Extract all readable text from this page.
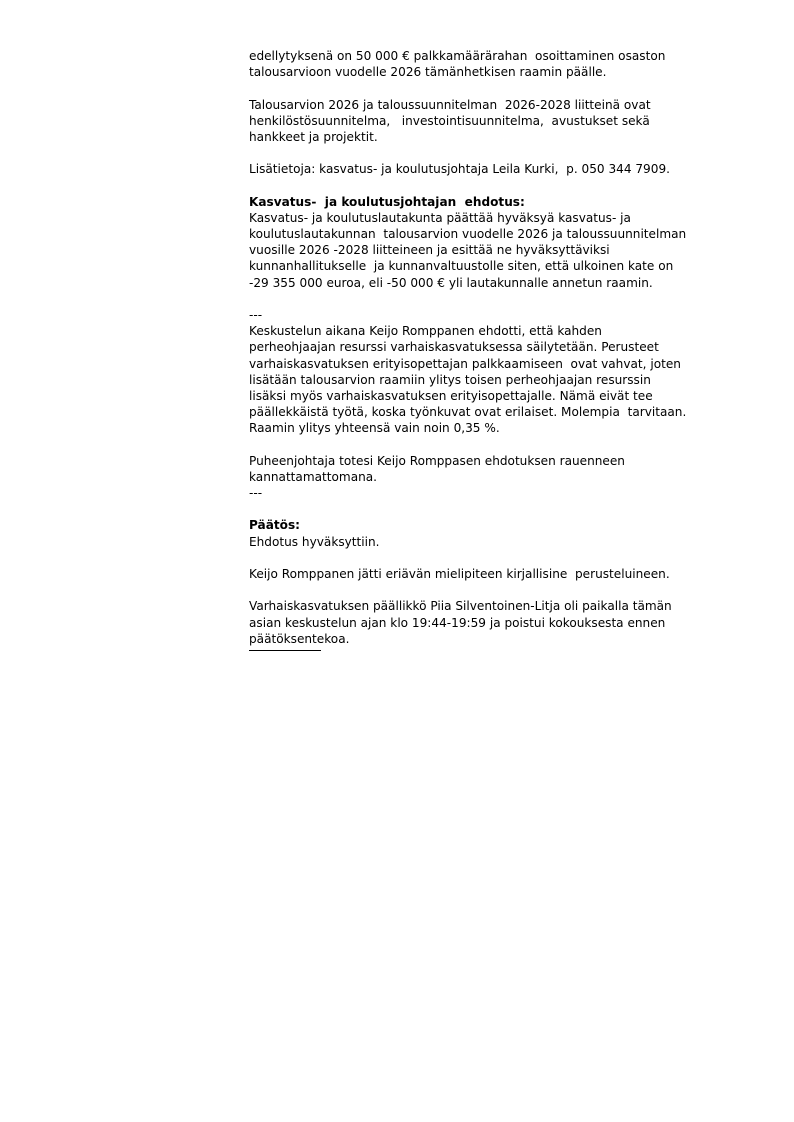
edellytyksenä on 50 000 € palkkamäärärahan  osoittaminen osaston
talousarvioon vuodelle 2026 tämänhetkisen raamin päälle.
Talousarvion 2026 ja taloussuunnitelman  2026-2028 liitteinä ovat
henkilöstösuunnitelma,   investointisuunnitelma,  avustukset sekä
hankkeet ja projektit.
Lisätietoja: kasvatus- ja koulutusjohtaja Leila Kurki,  p. 050 344 7909.
Kasvatus-  ja koulutusjohtajan  ehdotus:
Kasvatus- ja koulutuslautakunta päättää hyväksyä kasvatus- ja
koulutuslautakunnan  talousarvion vuodelle 2026 ja taloussuunnitelman
vuosille 2026 -2028 liitteineen ja esittää ne hyväksyttäviksi
kunnanhallitukselle  ja kunnanvaltuustolle siten, että ulkoinen kate on
-29 355 000 euroa, eli -50 000 € yli lautakunnalle annetun raamin.
---
Keskustelun aikana Keijo Romppanen ehdotti, että kahden
perheohjaajan resurssi varhaiskasvatuksessa säilytetään. Perusteet
varhaiskasvatuksen erityisopettajan palkkaamiseen  ovat vahvat, joten
lisätään talousarvion raamiin ylitys toisen perheohjaajan resurssin
lisäksi myös varhaiskasvatuksen erityisopettajalle. Nämä eivät tee
päällekkäistä työtä, koska työnkuvat ovat erilaiset. Molempia  tarvitaan.
Raamin ylitys yhteensä vain noin 0,35 %.
Puheenjohtaja totesi Keijo Romppasen ehdotuksen rauenneen
kannattamattomana.
---
Päätös:
Ehdotus hyväksyttiin.
Keijo Romppanen jätti eriävän mielipiteen kirjallisine  perusteluineen.
Varhaiskasvatuksen päällikkö Piia Silventoinen-Litja oli paikalla tämän
asian keskustelun ajan klo 19:44-19:59 ja poistui kokouksesta ennen
päätöksentekoa.
